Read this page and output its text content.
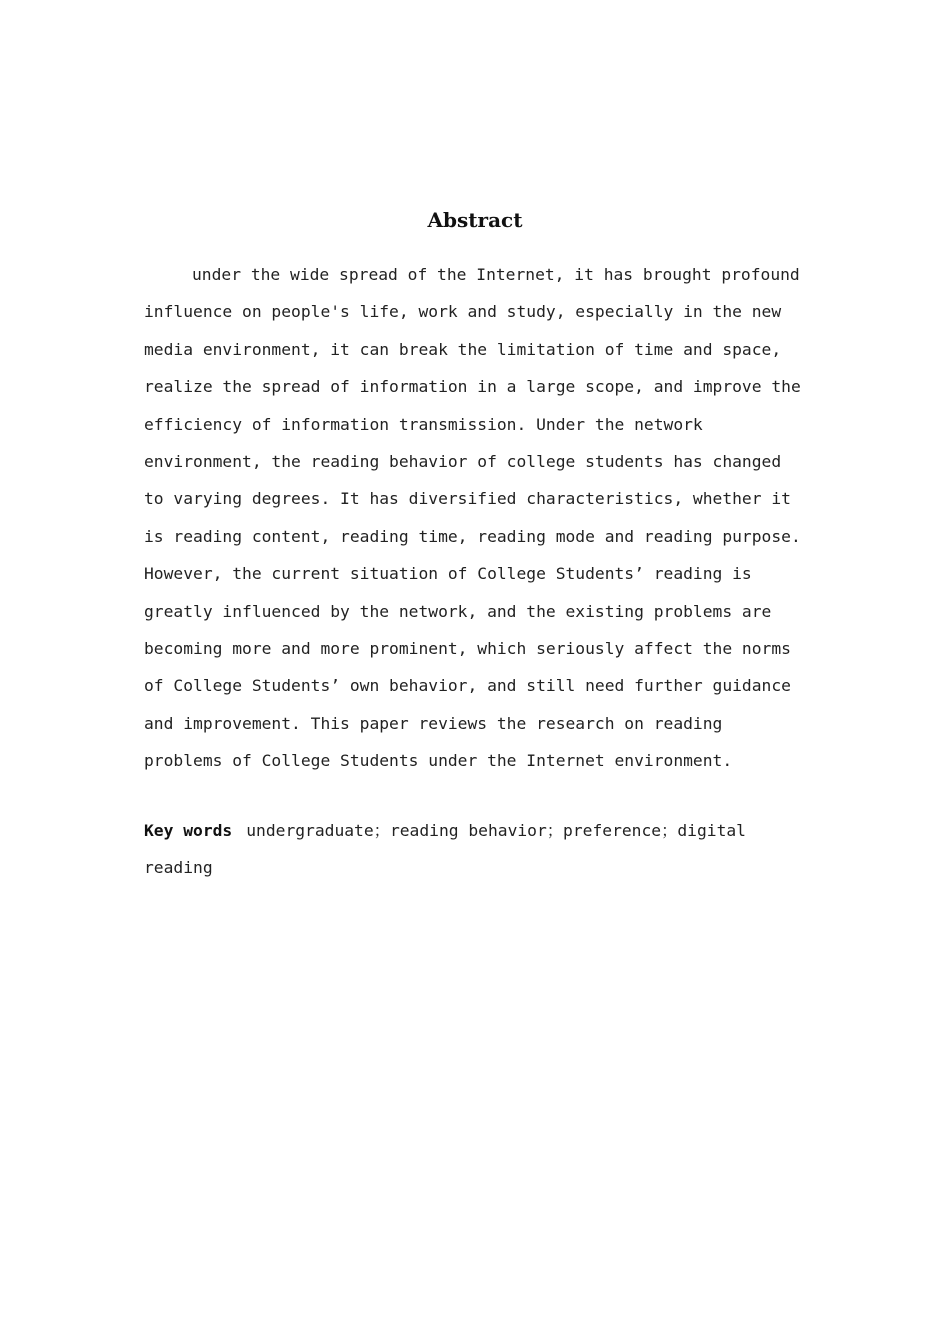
Abstract

under the wide spread of the Internet, it has brought profound influence on people's life, work and study, especially in the new media environment, it can break the limitation of time and space, realize the spread of information in a large scope, and improve the efficiency of information transmission. Under the network environment, the reading behavior of college students has changed to varying degrees. It has diversified characteristics, whether it is reading content, reading time, reading mode and reading purpose. However, the current situation of College Students’ reading is greatly influenced by the network, and the existing problems are becoming more and more prominent, which seriously affect the norms of College Students’ own behavior, and still need further guidance and improvement. This paper reviews the research on reading problems of College Students under the Internet environment.

Key words undergraduate；reading behavior；preference；digital reading
